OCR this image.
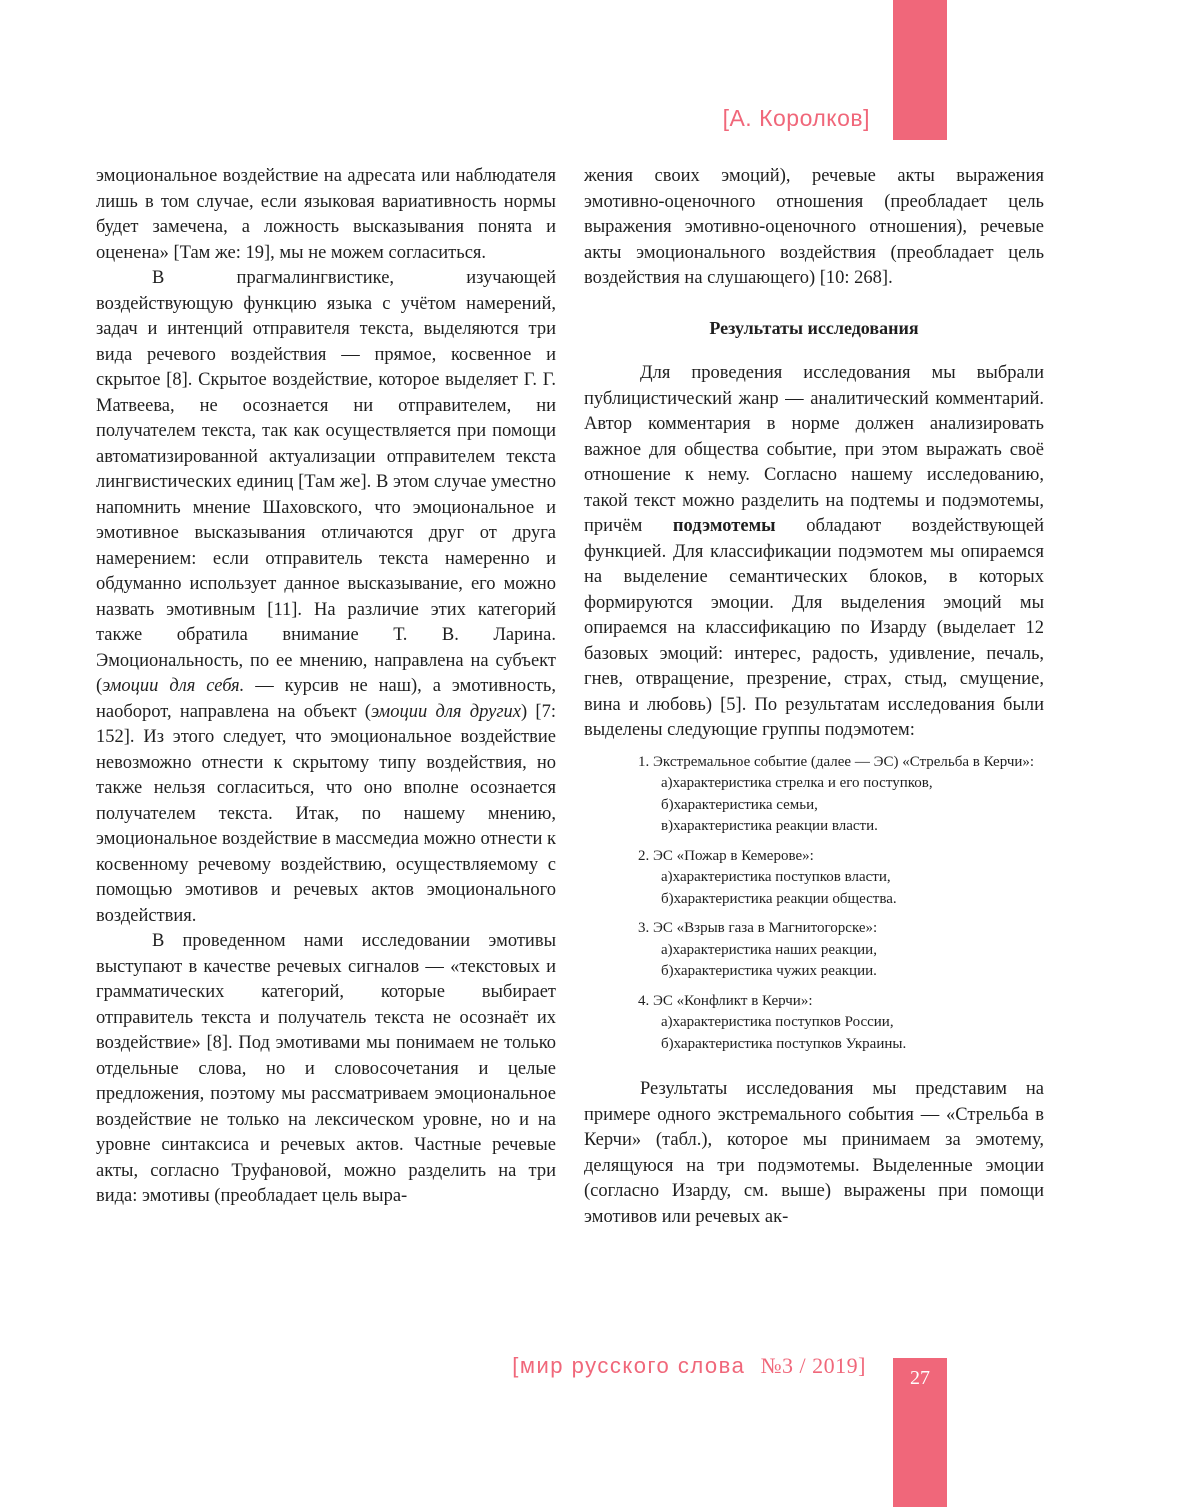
[А. Королков]

эмоциональное воздействие на адресата или наблюдателя лишь в том случае, если языковая вариативность нормы будет замечена, а ложность высказывания понята и оценена» [Там же: 19], мы не можем согласиться.

В прагмалингвистике, изучающей воздействующую функцию языка с учётом намерений, задач и интенций отправителя текста, выделяются три вида речевого воздействия — прямое, косвенное и скрытое [8]. Скрытое воздействие, которое выделяет Г. Г. Матвеева, не осознается ни отправителем, ни получателем текста, так как осуществляется при помощи автоматизированной актуализации отправителем текста лингвистических единиц [Там же]. В этом случае уместно напомнить мнение Шаховского, что эмоциональное и эмотивное высказывания отличаются друг от друга намерением: если отправитель текста намеренно и обдуманно использует данное высказывание, его можно назвать эмотивным [11]. На различие этих категорий также обратила внимание Т. В. Ларина. Эмоциональность, по ее мнению, направлена на субъект (эмоции для себя. — курсив не наш), а эмотивность, наоборот, направлена на объект (эмоции для других) [7: 152]. Из этого следует, что эмоциональное воздействие невозможно отнести к скрытому типу воздействия, но также нельзя согласиться, что оно вполне осознается получателем текста. Итак, по нашему мнению, эмоциональное воздействие в массмедиа можно отнести к косвенному речевому воздействию, осуществляемому с помощью эмотивов и речевых актов эмоционального воздействия.

В проведенном нами исследовании эмотивы выступают в качестве речевых сигналов — «текстовых и грамматических категорий, которые выбирает отправитель текста и получатель текста не осознаёт их воздействие» [8]. Под эмотивами мы понимаем не только отдельные слова, но и словосочетания и целые предложения, поэтому мы рассматриваем эмоциональное воздействие не только на лексическом уровне, но и на уровне синтаксиса и речевых актов. Частные речевые акты, согласно Труфановой, можно разделить на три вида: эмотивы (преобладает цель выра-

жения своих эмоций), речевые акты выражения эмотивно-оценочного отношения (преобладает цель выражения эмотивно-оценочного отношения), речевые акты эмоционального воздействия (преобладает цель воздействия на слушающего) [10: 268].

Результаты исследования

Для проведения исследования мы выбрали публицистический жанр — аналитический комментарий. Автор комментария в норме должен анализировать важное для общества событие, при этом выражать своё отношение к нему. Согласно нашему исследованию, такой текст можно разделить на подтемы и подэмотемы, причём подэмотемы обладают воздействующей функцией. Для классификации подэмотем мы опираемся на выделение семантических блоков, в которых формируются эмоции. Для выделения эмоций мы опираемся на классификацию по Изарду (выделает 12 базовых эмоций: интерес, радость, удивление, печаль, гнев, отвращение, презрение, страх, стыд, смущение, вина и любовь) [5]. По результатам исследования были выделены следующие группы подэмотем:

1. Экстремальное событие (далее — ЭС) «Стрельба в Керчи»:

а)характеристика стрелка и его поступков,

б)характеристика семьи,

в)характеристика реакции власти.

2. ЭС «Пожар в Кемерове»:

а)характеристика поступков власти,

б)характеристика реакции общества.

3. ЭС «Взрыв газа в Магнитогорске»:

а)характеристика наших реакции,

б)характеристика чужих реакции.

4. ЭС «Конфликт в Керчи»:

а)характеристика поступков России,

б)характеристика поступков Украины.

Результаты исследования мы представим на примере одного экстремального события — «Стрельба в Керчи» (табл.), которое мы принимаем за эмотему, делящуюся на три подэмотемы. Выделенные эмоции (согласно Изарду, см. выше) выражены при помощи эмотивов или речевых ак-

[мир русского слова №3 / 2019]	27
